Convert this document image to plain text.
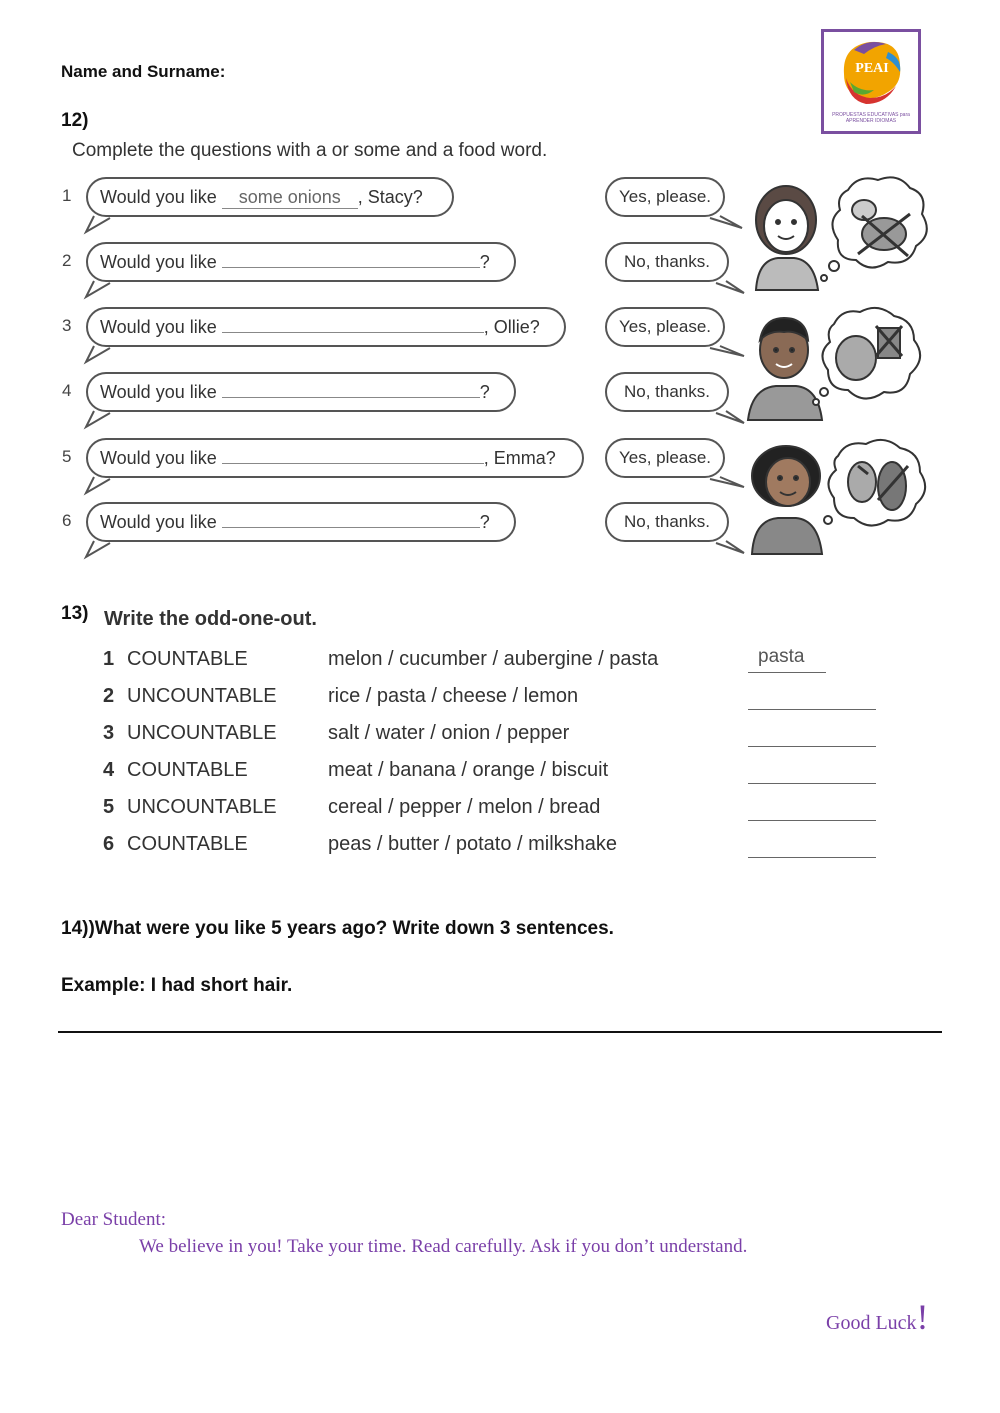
Name and Surname:	PEAI
PROPUESTAS EDUCATIVAS para APRENDER IDIOMAS
12)
Complete the questions with a or some and a food word.
1	Would you like some onions , Stacy?	Yes, please.
2	Would you like	?	No, thanks.
3	Would you like	, Ollie?	Yes, please.
4	Would you like	?	No, thanks.
5	Would you like	, Emma?	Yes, please.
6	Would you like	?	No, thanks.
13) Write the odd-one-out.
1 COUNTABLE	melon / cucumber / aubergine / pasta	pasta
2 UNCOUNTABLE	rice / pasta / cheese / lemon
3 UNCOUNTABLE	salt / water / onion / pepper
4 COUNTABLE	meat / banana / orange / biscuit
5 UNCOUNTABLE	cereal / pepper / melon / bread
6 COUNTABLE	peas / butter / potato / milkshake
14))What were you like 5 years ago? Write down 3 sentences.
Example: I had short hair.
Dear Student:
We believe in you! Take your time. Read carefully. Ask if you don’t understand.
Good Luck!
